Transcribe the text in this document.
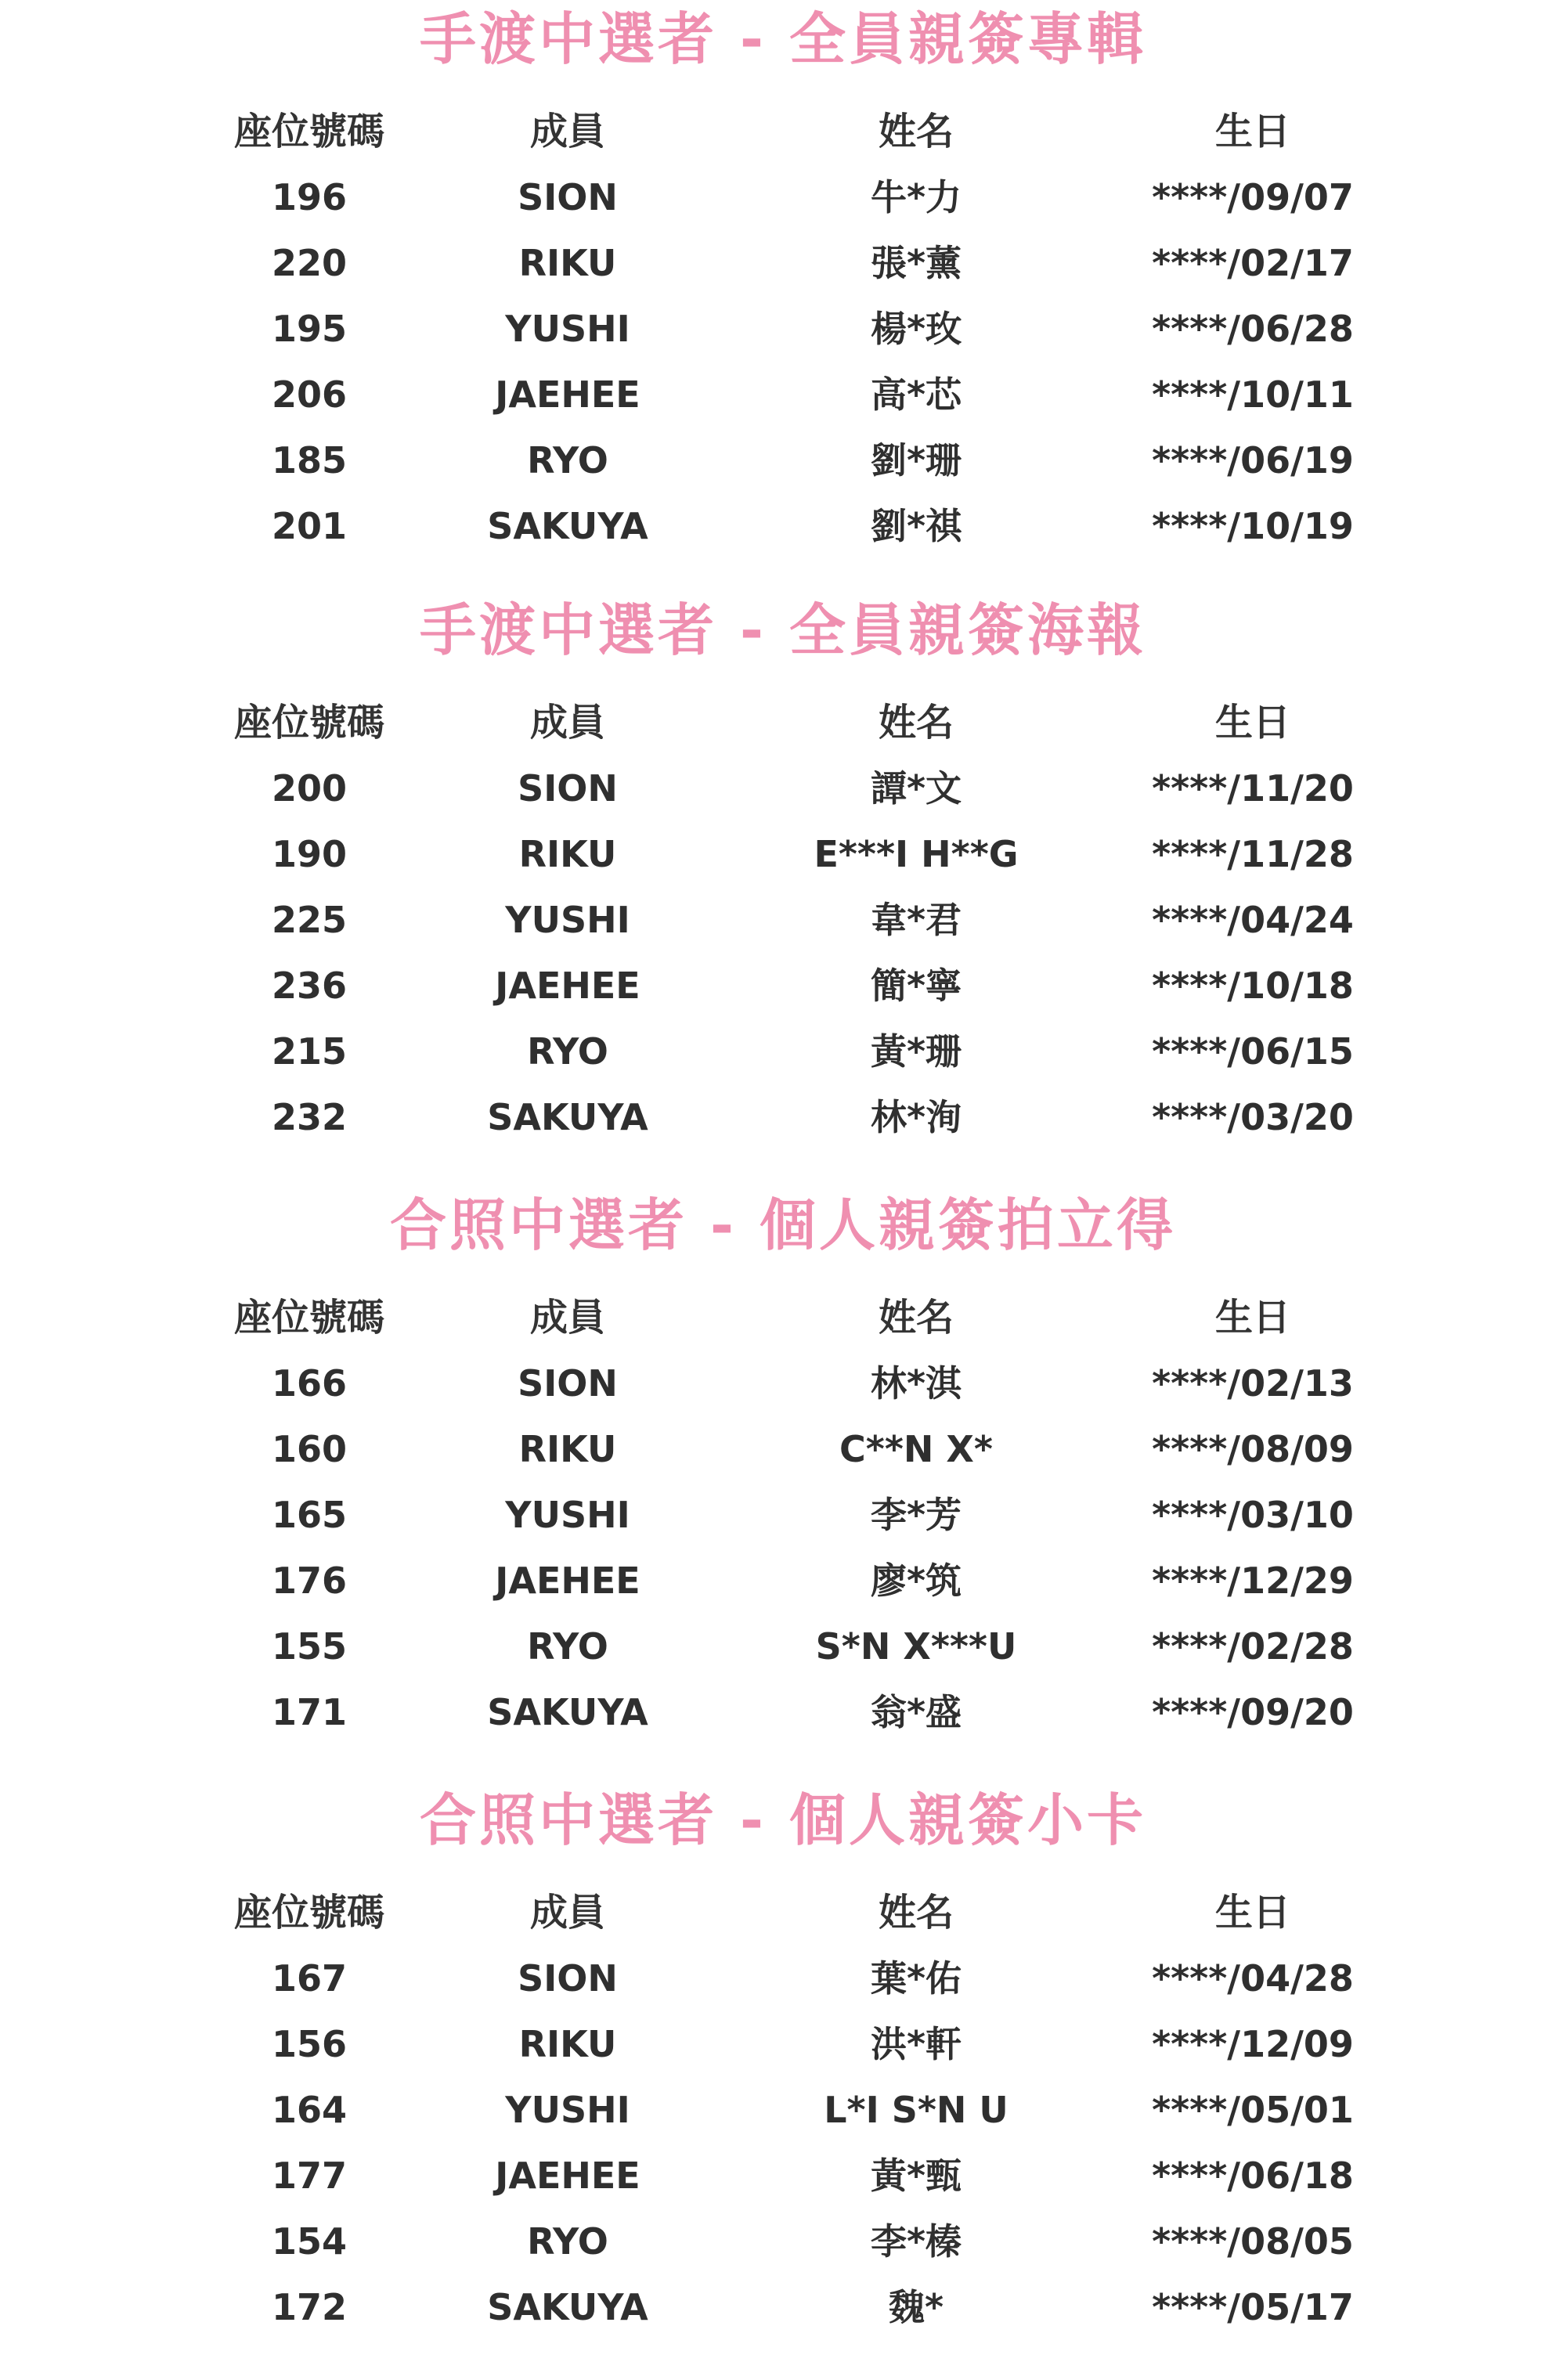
手渡中選者 - 全員親簽專輯
座位號碼	成員	姓名	生日
196	SION	牛*力	****/09/07
220	RIKU	張*薰	****/02/17
195	YUSHI	楊*玫	****/06/28
206	JAEHEE	高*芯	****/10/11
185	RYO	劉*珊	****/06/19
201	SAKUYA	劉*祺	****/10/19
手渡中選者 - 全員親簽海報
座位號碼	成員	姓名	生日
200	SION	譚*文	****/11/20
190	RIKU	E***I H**G	****/11/28
225	YUSHI	韋*君	****/04/24
236	JAEHEE	簡*寧	****/10/18
215	RYO	黃*珊	****/06/15
232	SAKUYA	林*洵	****/03/20
合照中選者 - 個人親簽拍立得
座位號碼	成員	姓名	生日
166	SION	林*淇	****/02/13
160	RIKU	C**N X*	****/08/09
165	YUSHI	李*芳	****/03/10
176	JAEHEE	廖*筑	****/12/29
155	RYO	S*N X***U	****/02/28
171	SAKUYA	翁*盛	****/09/20
合照中選者 - 個人親簽小卡
座位號碼	成員	姓名	生日
167	SION	葉*佑	****/04/28
156	RIKU	洪*軒	****/12/09
164	YUSHI	L*I S*N U	****/05/01
177	JAEHEE	黃*甄	****/06/18
154	RYO	李*榛	****/08/05
172	SAKUYA	魏*	****/05/17
